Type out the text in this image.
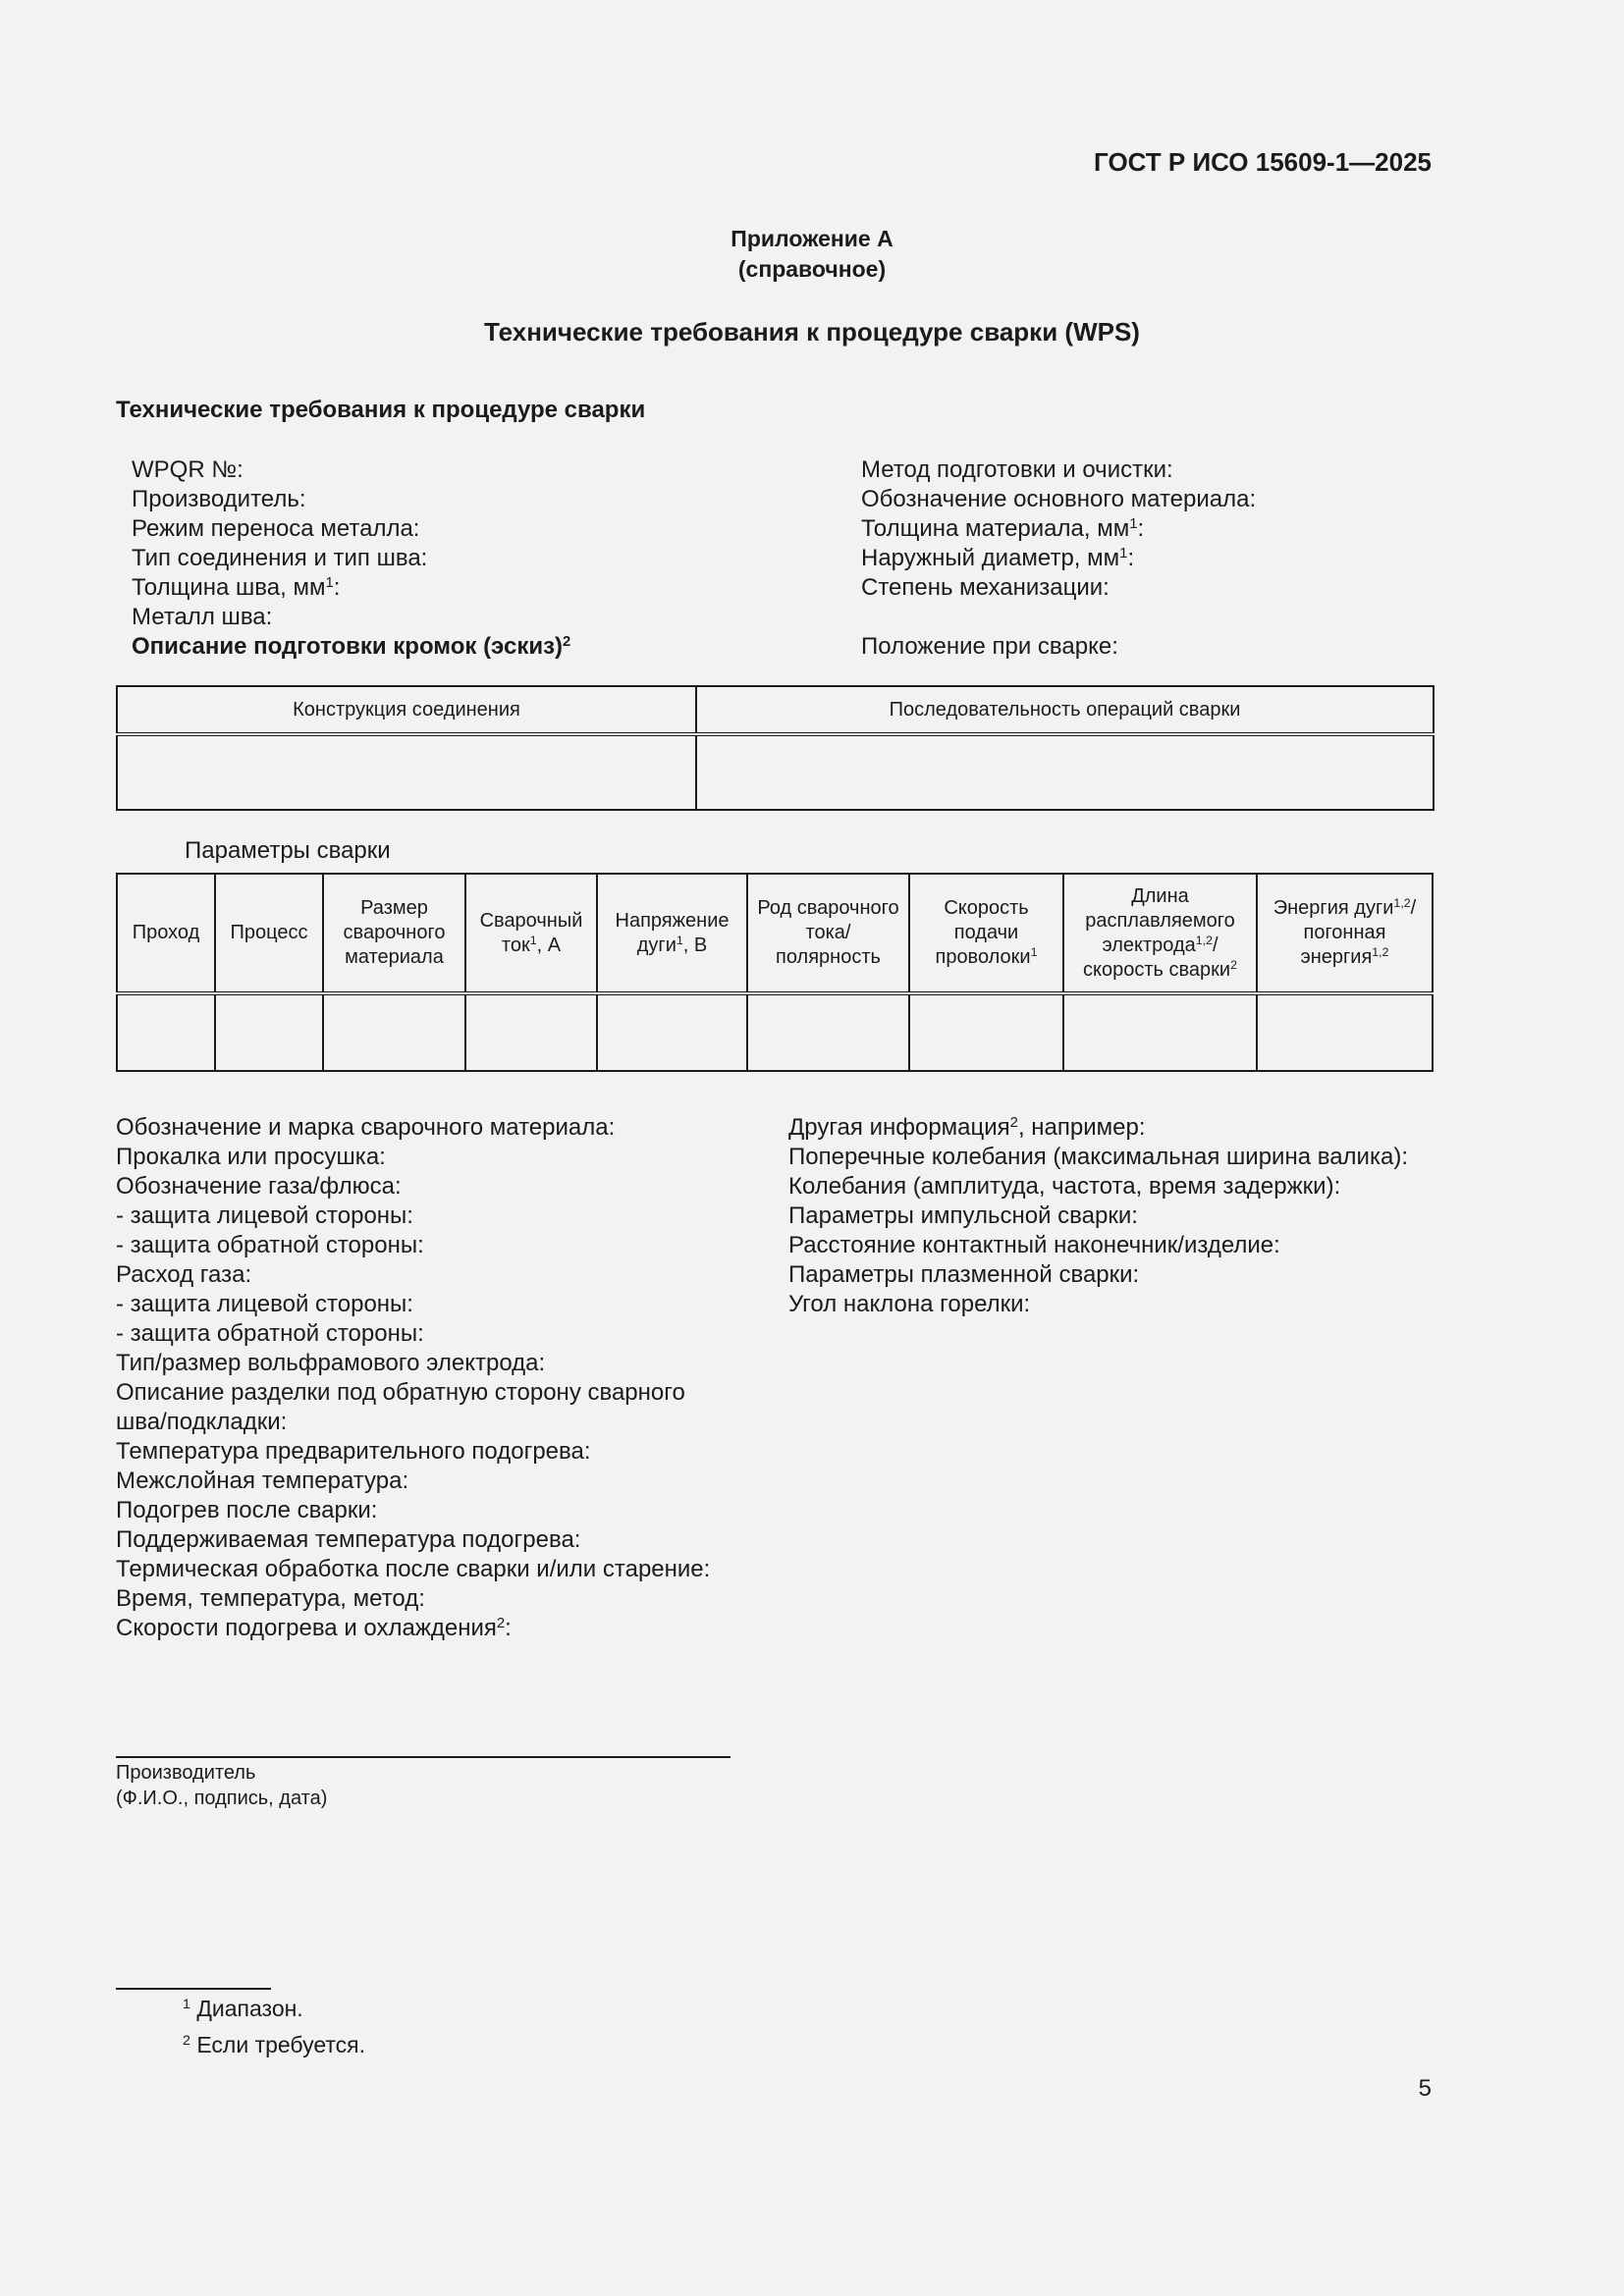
ГОСТ Р ИСО 15609-1—2025
Приложение А
(справочное)
Технические требования к процедуре сварки (WPS)
Технические требования к процедуре сварки
WPQR №:
Производитель:
Режим переноса металла:
Тип соединения и тип шва:
Толщина шва, $мм^1$:
Металл шва:
Описание подготовки кромок (эскиз)$^2$
Метод подготовки и очистки:
Обозначение основного материала:
Толщина материала, $мм^1$:
Наружный диаметр, $мм^1$:
Степень механизации:

Положение при сварке:
Конструкция соединения	Последовательность операций сварки

Параметры сварки
Проход	Процесс	Размер сварочного материала	Сварочный ток$^1$, А	Напряжение дуги$^1$, В	Род сварочного тока/ полярность	Скорость подачи проволоки$^1$	Длина расплавляемого электрода$^{1,2}$/ скорость сварки$^2$	Энергия дуги$^{1,2}$/ погонная энергия$^{1,2}$

Обозначение и марка сварочного материала:
Прокалка или просушка:
Обозначение газа/флюса:
- защита лицевой стороны:
- защита обратной стороны:
Расход газа:
- защита лицевой стороны:
- защита обратной стороны:
Тип/размер вольфрамового электрода:
Описание разделки под обратную сторону сварного
шва/подкладки:
Температура предварительного подогрева:
Межслойная температура:
Подогрев после сварки:
Поддерживаемая температура подогрева:
Термическая обработка после сварки и/или старение:
Время, температура, метод:
Скорости подогрева и охлаждения$^2$:
Другая информация$^2$, например:
Поперечные колебания (максимальная ширина валика):
Колебания (амплитуда, частота, время задержки):
Параметры импульсной сварки:
Расстояние контактный наконечник/изделие:
Параметры плазменной сварки:
Угол наклона горелки:
Производитель
(Ф.И.О., подпись, дата)
$^1$ Диапазон.
$^2$ Если требуется.
5
